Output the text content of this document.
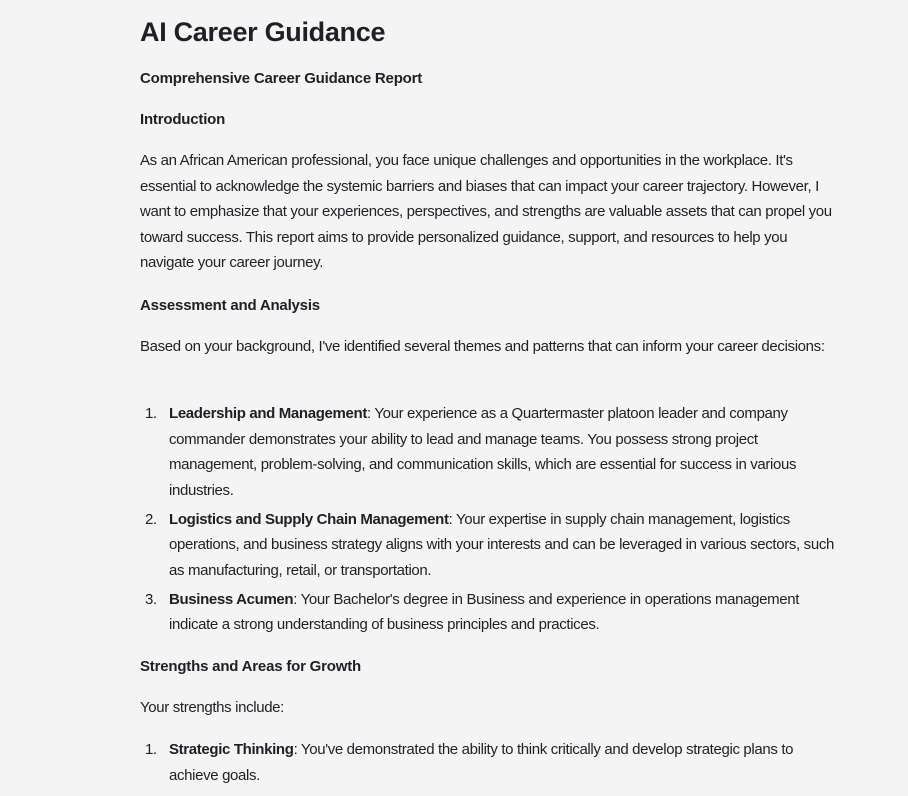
AI Career Guidance

Comprehensive Career Guidance Report

Introduction

As an African American professional, you face unique challenges and opportunities in the workplace. It's essential to acknowledge the systemic barriers and biases that can impact your career trajectory. However, I want to emphasize that your experiences, perspectives, and strengths are valuable assets that can propel you toward success. This report aims to provide personalized guidance, support, and resources to help you navigate your career journey.

Assessment and Analysis

Based on your background, I've identified several themes and patterns that can inform your career decisions:

1. Leadership and Management: Your experience as a Quartermaster platoon leader and company commander demonstrates your ability to lead and manage teams. You possess strong project management, problem-solving, and communication skills, which are essential for success in various industries.
2. Logistics and Supply Chain Management: Your expertise in supply chain management, logistics operations, and business strategy aligns with your interests and can be leveraged in various sectors, such as manufacturing, retail, or transportation.
3. Business Acumen: Your Bachelor's degree in Business and experience in operations management indicate a strong understanding of business principles and practices.

Strengths and Areas for Growth

Your strengths include:

1. Strategic Thinking: You've demonstrated the ability to think critically and develop strategic plans to achieve goals.
